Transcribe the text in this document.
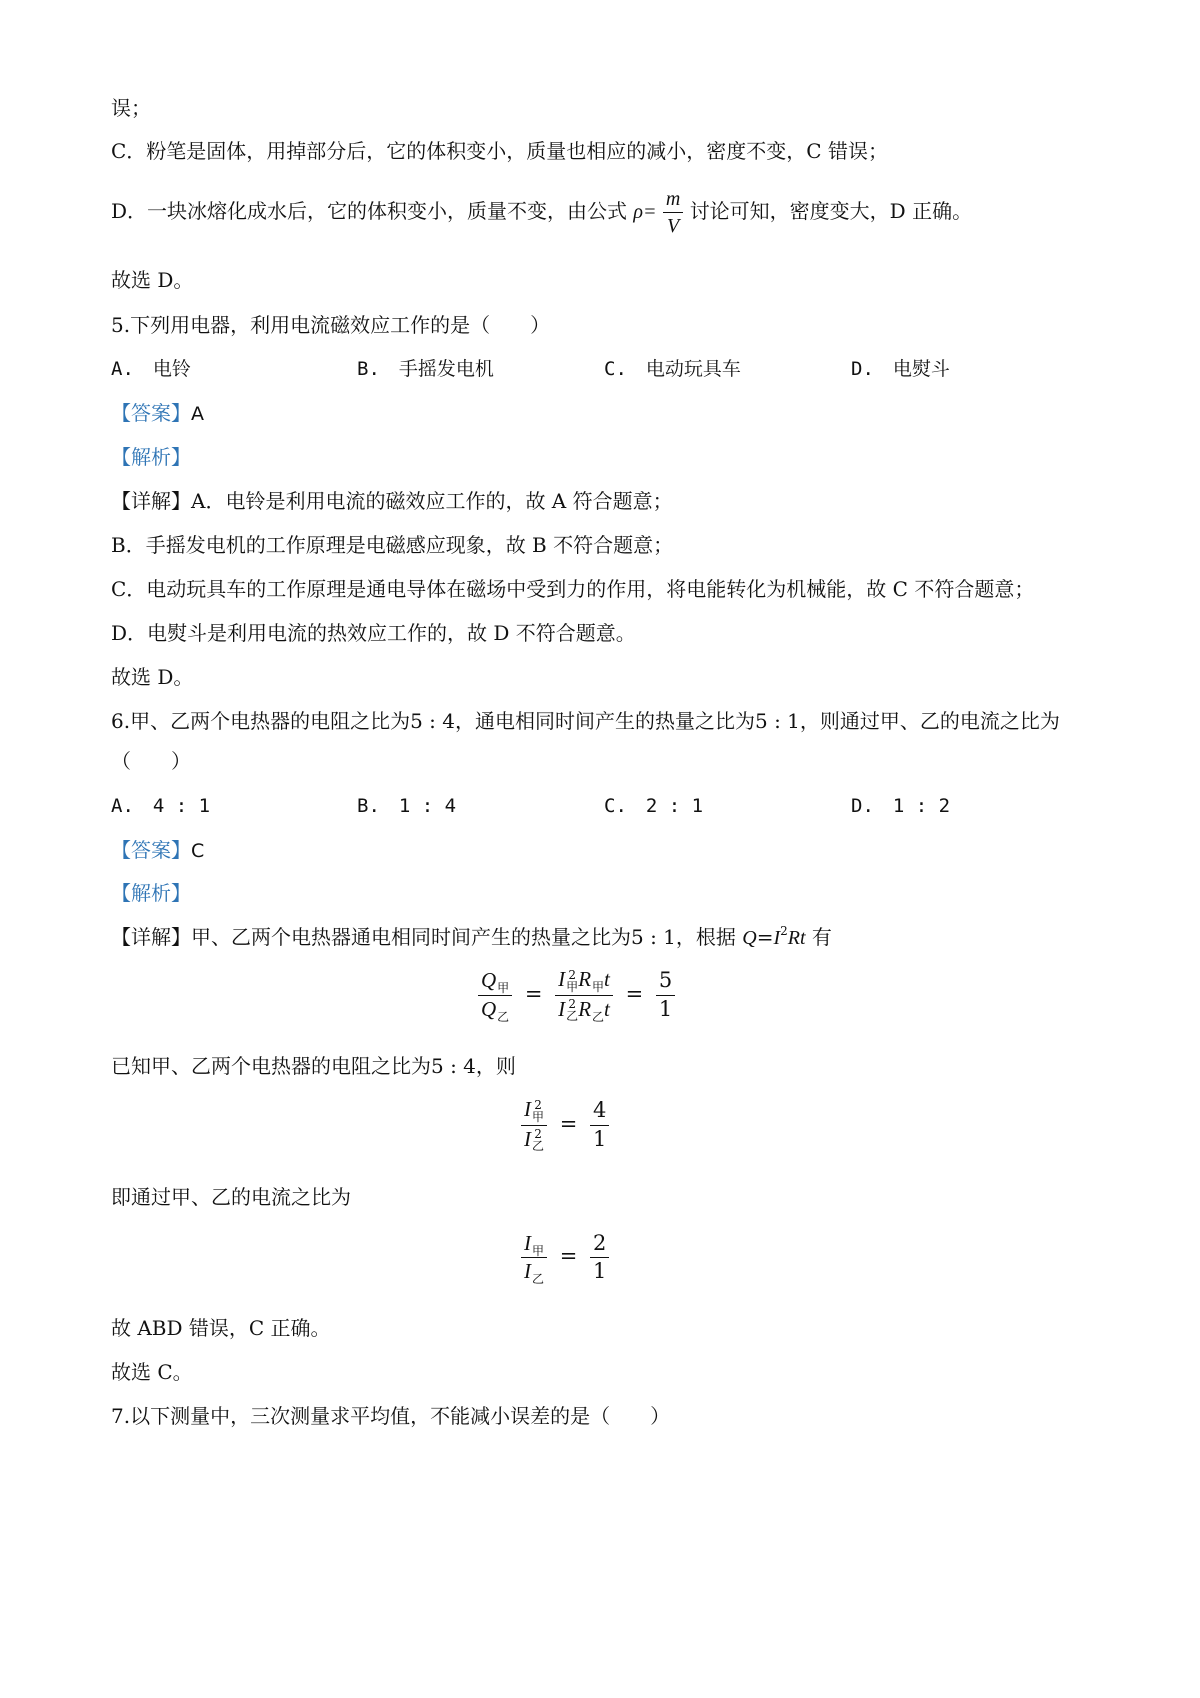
误；
C．粉笔是固体，用掉部分后，它的体积变小，质量也相应的减小，密度不变，C 错误；
D．一块冰熔化成水后，它的体积变小，质量不变，由公式 $\rho= \frac{m}{V}$ 讨论可知，密度变大，D 正确。
故选 D。
5.下列用电器，利用电流磁效应工作的是（　　）
A.　电铃	B.　手摇发电机	C.　电动玩具车	D.　电熨斗
【答案】A
【解析】
【详解】A．电铃是利用电流的磁效应工作的，故 A 符合题意；
B．手摇发电机的工作原理是电磁感应现象，故 B 不符合题意；
C．电动玩具车的工作原理是通电导体在磁场中受到力的作用，将电能转化为机械能，故 C 不符合题意；
D．电熨斗是利用电流的热效应工作的，故 D 不符合题意。
故选 D。
6.甲、乙两个电热器的电阻之比为5 : 4，通电相同时间产生的热量之比为5 : 1，则通过甲、乙的电流之比为
（　　）
A.　4 : 1	B.　1 : 4	C.　2 : 1	D.　1 : 2
【答案】C
【解析】
【详解】甲、乙两个电热器通电相同时间产生的热量之比为5 : 1，根据 $Q=I^2Rt$ 有
$\frac{Q_甲}{Q_乙} = I$ 2
甲 $R_甲t$
I 2
乙 $R_乙t = \frac{5}{1}$
已知甲、乙两个电热器的电阻之比为5 : 4，则
I 2
甲
I 2
乙 = $\frac{4}{1}$
即通过甲、乙的电流之比为
$\frac{I_甲}{I_乙} = \frac{2}{1}$
故 ABD 错误，C 正确。
故选 C。
7.以下测量中，三次测量求平均值，不能减小误差的是（　　）
